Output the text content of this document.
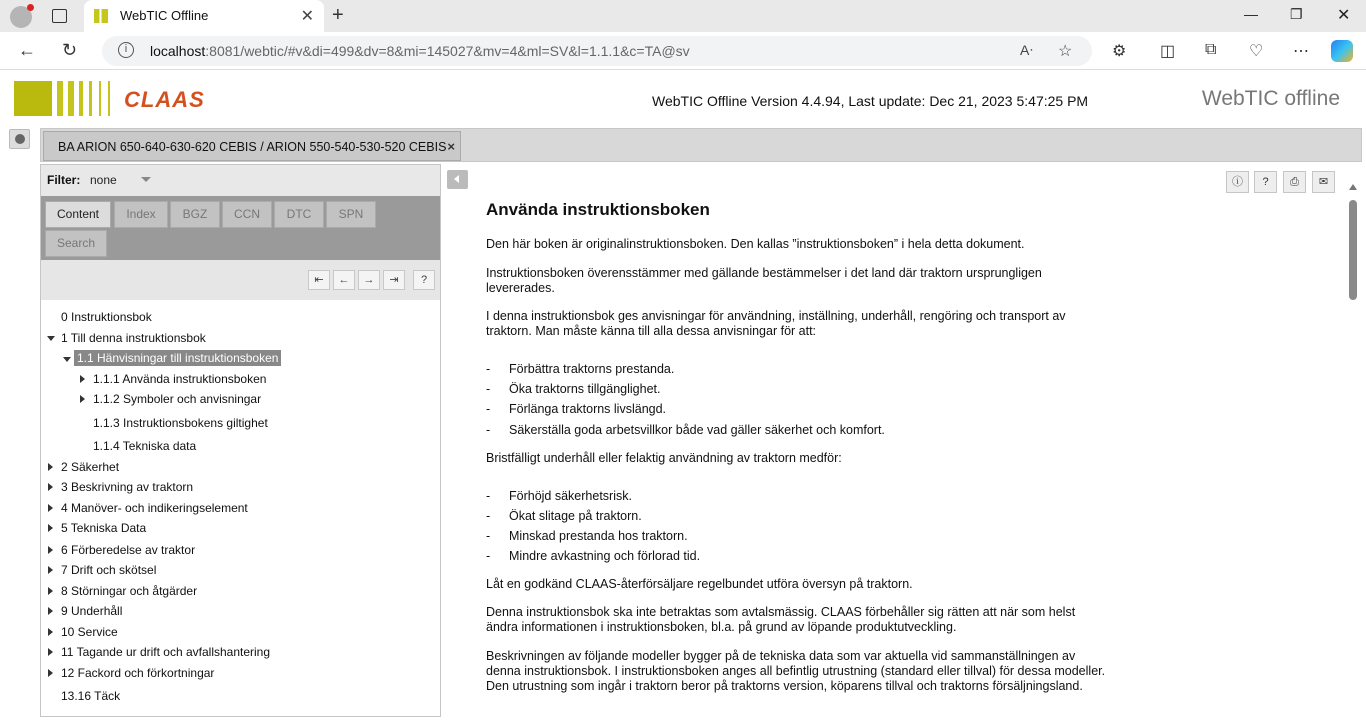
WebTIC Offline	✕ +	— ❐ ✕
← ↻	i	localhost:8081/webtic/#v&di=499&dv=8&mi=145027&mv=4&ml=SV&l=1.1.1&c=TA@sv	Aᐧ ☆ ⚙ ◫ ⧉ ♡ ⋯
CLAAS	WebTIC Offline Version 4.4.94, Last update: Dec 21, 2023 5:47:25 PM	WebTIC offline
BA ARION 650-640-630-620 CEBIS / ARION 550-540-530-520 CEBIS ×
Filter: none
Content	Index	BGZ	CCN	DTC	SPN
Search
⇤	←	→	⇥	?
0 Instruktionsbok
1 Till denna instruktionsbok
1.1 Hänvisningar till instruktionsboken
1.1.1 Använda instruktionsboken
1.1.2 Symboler och anvisningar
1.1.3 Instruktionsbokens giltighet
1.1.4 Tekniska data
2 Säkerhet
3 Beskrivning av traktorn
4 Manöver- och indikeringselement
5 Tekniska Data
6 Förberedelse av traktor
7 Drift och skötsel
8 Störningar och åtgärder
9 Underhåll
10 Service
11 Tagande ur drift och avfallshantering
12 Fackord och förkortningar
13.16 Täck
ⓘ	?	⎙	✉
Använda instruktionsboken
Den här boken är originalinstruktionsboken. Den kallas ”instruktionsboken” i hela detta dokument.
Instruktionsboken överensstämmer med gällande bestämmelser i det land där traktorn ursprungligen levererades.
I denna instruktionsbok ges anvisningar för användning, inställning, underhåll, rengöring och transport av traktorn. Man måste känna till alla dessa anvisningar för att:
- Förbättra traktorns prestanda.
- Öka traktorns tillgänglighet.
- Förlänga traktorns livslängd.
- Säkerställa goda arbetsvillkor både vad gäller säkerhet och komfort.
Bristfälligt underhåll eller felaktig användning av traktorn medför:
- Förhöjd säkerhetsrisk.
- Ökat slitage på traktorn.
- Minskad prestanda hos traktorn.
- Mindre avkastning och förlorad tid.
Låt en godkänd CLAAS-återförsäljare regelbundet utföra översyn på traktorn.
Denna instruktionsbok ska inte betraktas som avtalsmässig. CLAAS förbehåller sig rätten att när som helst ändra informationen i instruktionsboken, bl.a. på grund av löpande produktutveckling.
Beskrivningen av följande modeller bygger på de tekniska data som var aktuella vid sammanställningen av denna instruktionsbok. I instruktionsboken anges all befintlig utrustning (standard eller tillval) för dessa modeller. Den utrustning som ingår i traktorn beror på traktorns version, köparens tillval och traktorns försäljningsland.
